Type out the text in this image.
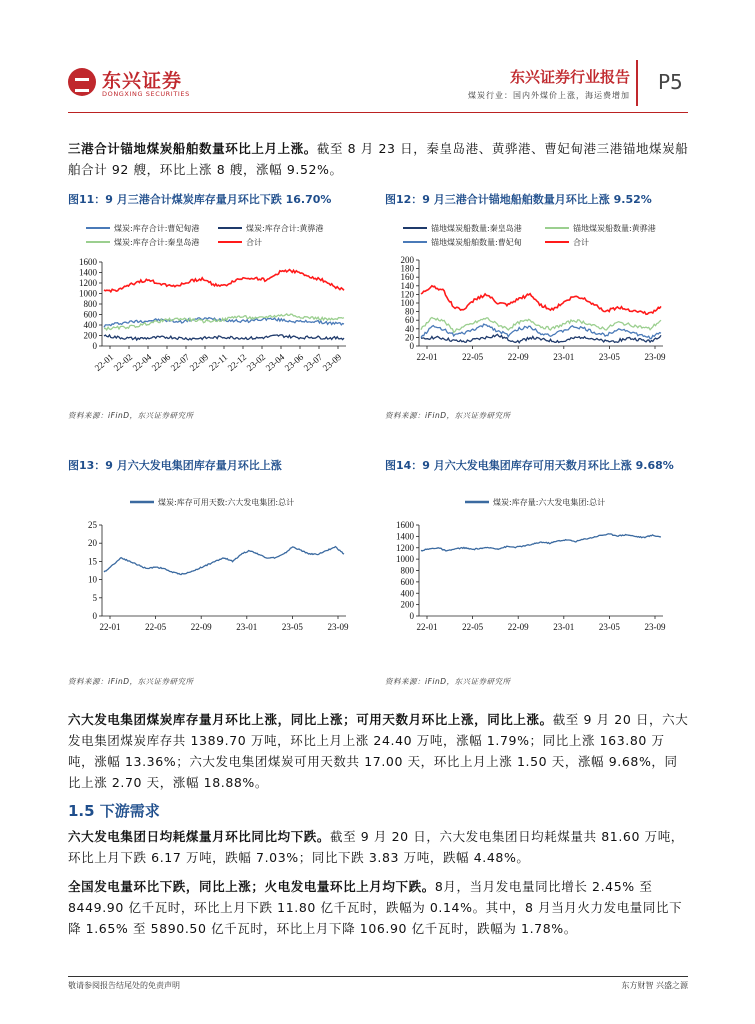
东兴证券
DONGXING SECURITIES
东兴证券行业报告
煤炭行业：国内外煤价上涨，海运费增加
P5
三港合计锚地煤炭船舶数量环比上月上涨。截至 8 月 23 日，秦皇岛港、黄骅港、曹妃甸港三港锚地煤炭船舶合计 92 艘，环比上涨 8 艘，涨幅 9.52%。
图11：9 月三港合计煤炭库存量月环比下跌 16.70%
煤炭:库存合计:曹妃甸港	煤炭:库存合计:黄骅港
煤炭:库存合计:秦皇岛港	合计
0
200
400
600
800
1000
1200
1400
1600
22-01
22-02
22-04
22-06
22-07
22-09
22-11
22-12
23-02
23-04
23-06
23-07
23-09
图12：9 月三港合计锚地船舶数量月环比上涨 9.52%
锚地煤炭船数量:秦皇岛港	锚地煤炭船数量:黄骅港
锚地煤炭船舶数量:曹妃甸	合计
0
20
40
60
80
100
120
140
160
180
200
22-01	22-05	22-09	23-01	23-05	23-09
资料来源：iFinD，东兴证券研究所	资料来源：iFinD，东兴证券研究所
图13：9 月六大发电集团库存量月环比上涨
煤炭:库存可用天数:六大发电集团:总计
0
5
10
15
20
25
22-01	22-05	22-09	23-01	23-05	23-09
图14：9 月六大发电集团库存可用天数月环比上涨 9.68%
煤炭:库存量:六大发电集团:总计
0
200
400
600
800
1000
1200
1400
1600
22-01	22-05	22-09	23-01	23-05	23-09
资料来源：iFinD，东兴证券研究所	资料来源：iFinD，东兴证券研究所
六大发电集团煤炭库存量月环比上涨，同比上涨；可用天数月环比上涨，同比上涨。截至 9 月 20 日，六大发电集团煤炭库存共 1389.70 万吨，环比上月上涨 24.40 万吨，涨幅 1.79%；同比上涨 163.80 万吨，涨幅 13.36%；六大发电集团煤炭可用天数共 17.00 天，环比上月上涨 1.50 天，涨幅 9.68%，同比上涨 2.70 天，涨幅 18.88%。
1.5 下游需求
六大发电集团日均耗煤量月环比同比均下跌。截至 9 月 20 日，六大发电集团日均耗煤量共 81.60 万吨，环比上月下跌 6.17 万吨，跌幅 7.03%；同比下跌 3.83 万吨，跌幅 4.48%。
全国发电量环比下跌，同比上涨；火电发电量环比上月均下跌。8月，当月发电量同比增长 2.45% 至 8449.90 亿千瓦时，环比上月下跌 11.80 亿千瓦时，跌幅为 0.14%。其中，8 月当月火力发电量同比下降 1.65% 至 5890.50 亿千瓦时，环比上月下降 106.90 亿千瓦时，跌幅为 1.78%。
敬请参阅报告结尾处的免责声明	东方财智 兴盛之源
